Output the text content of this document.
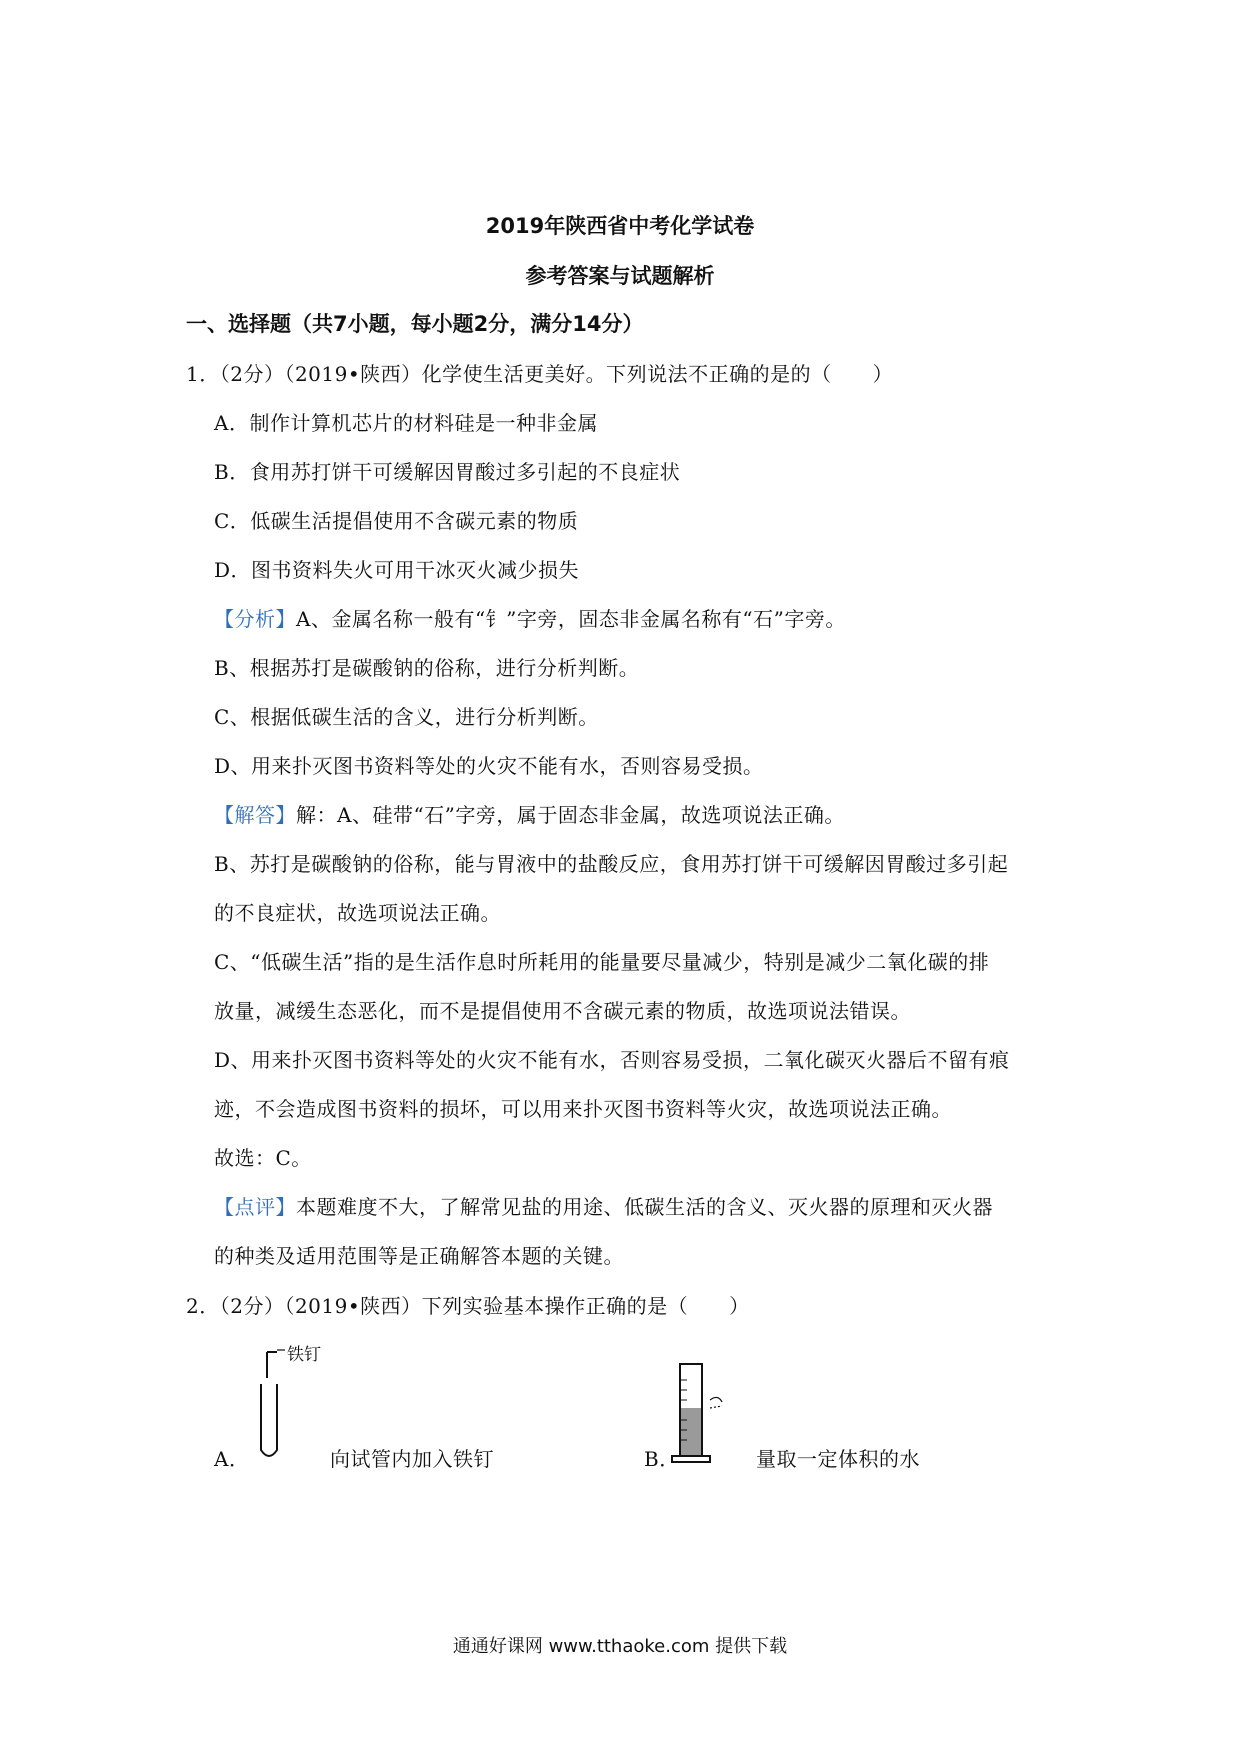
2019年陕西省中考化学试卷
参考答案与试题解析
一、选择题（共7小题，每小题2分，满分14分）
1．（2分）（2019•陕西）化学使生活更美好。下列说法不正确的是的（　　）
A．制作计算机芯片的材料硅是一种非金属
B．食用苏打饼干可缓解因胃酸过多引起的不良症状
C．低碳生活提倡使用不含碳元素的物质
D．图书资料失火可用干冰灭火减少损失
【分析】A、金属名称一般有“钅”字旁，固态非金属名称有“石”字旁。
B、根据苏打是碳酸钠的俗称，进行分析判断。
C、根据低碳生活的含义，进行分析判断。
D、用来扑灭图书资料等处的火灾不能有水，否则容易受损。
【解答】解：A、硅带“石”字旁，属于固态非金属，故选项说法正确。
B、苏打是碳酸钠的俗称，能与胃液中的盐酸反应，食用苏打饼干可缓解因胃酸过多引起
的不良症状，故选项说法正确。
C、“低碳生活”指的是生活作息时所耗用的能量要尽量减少，特别是减少二氧化碳的排
放量，减缓生态恶化，而不是提倡使用不含碳元素的物质，故选项说法错误。
D、用来扑灭图书资料等处的火灾不能有水，否则容易受损，二氧化碳灭火器后不留有痕
迹，不会造成图书资料的损坏，可以用来扑灭图书资料等火灾，故选项说法正确。
故选：C。
【点评】本题难度不大，了解常见盐的用途、低碳生活的含义、灭火器的原理和灭火器
的种类及适用范围等是正确解答本题的关键。
2．（2分）（2019•陕西）下列实验基本操作正确的是（　　）
铁钉
A．	向试管内加入铁钉	B．	量取一定体积的水
通通好课网 www.tthaoke.com 提供下载
